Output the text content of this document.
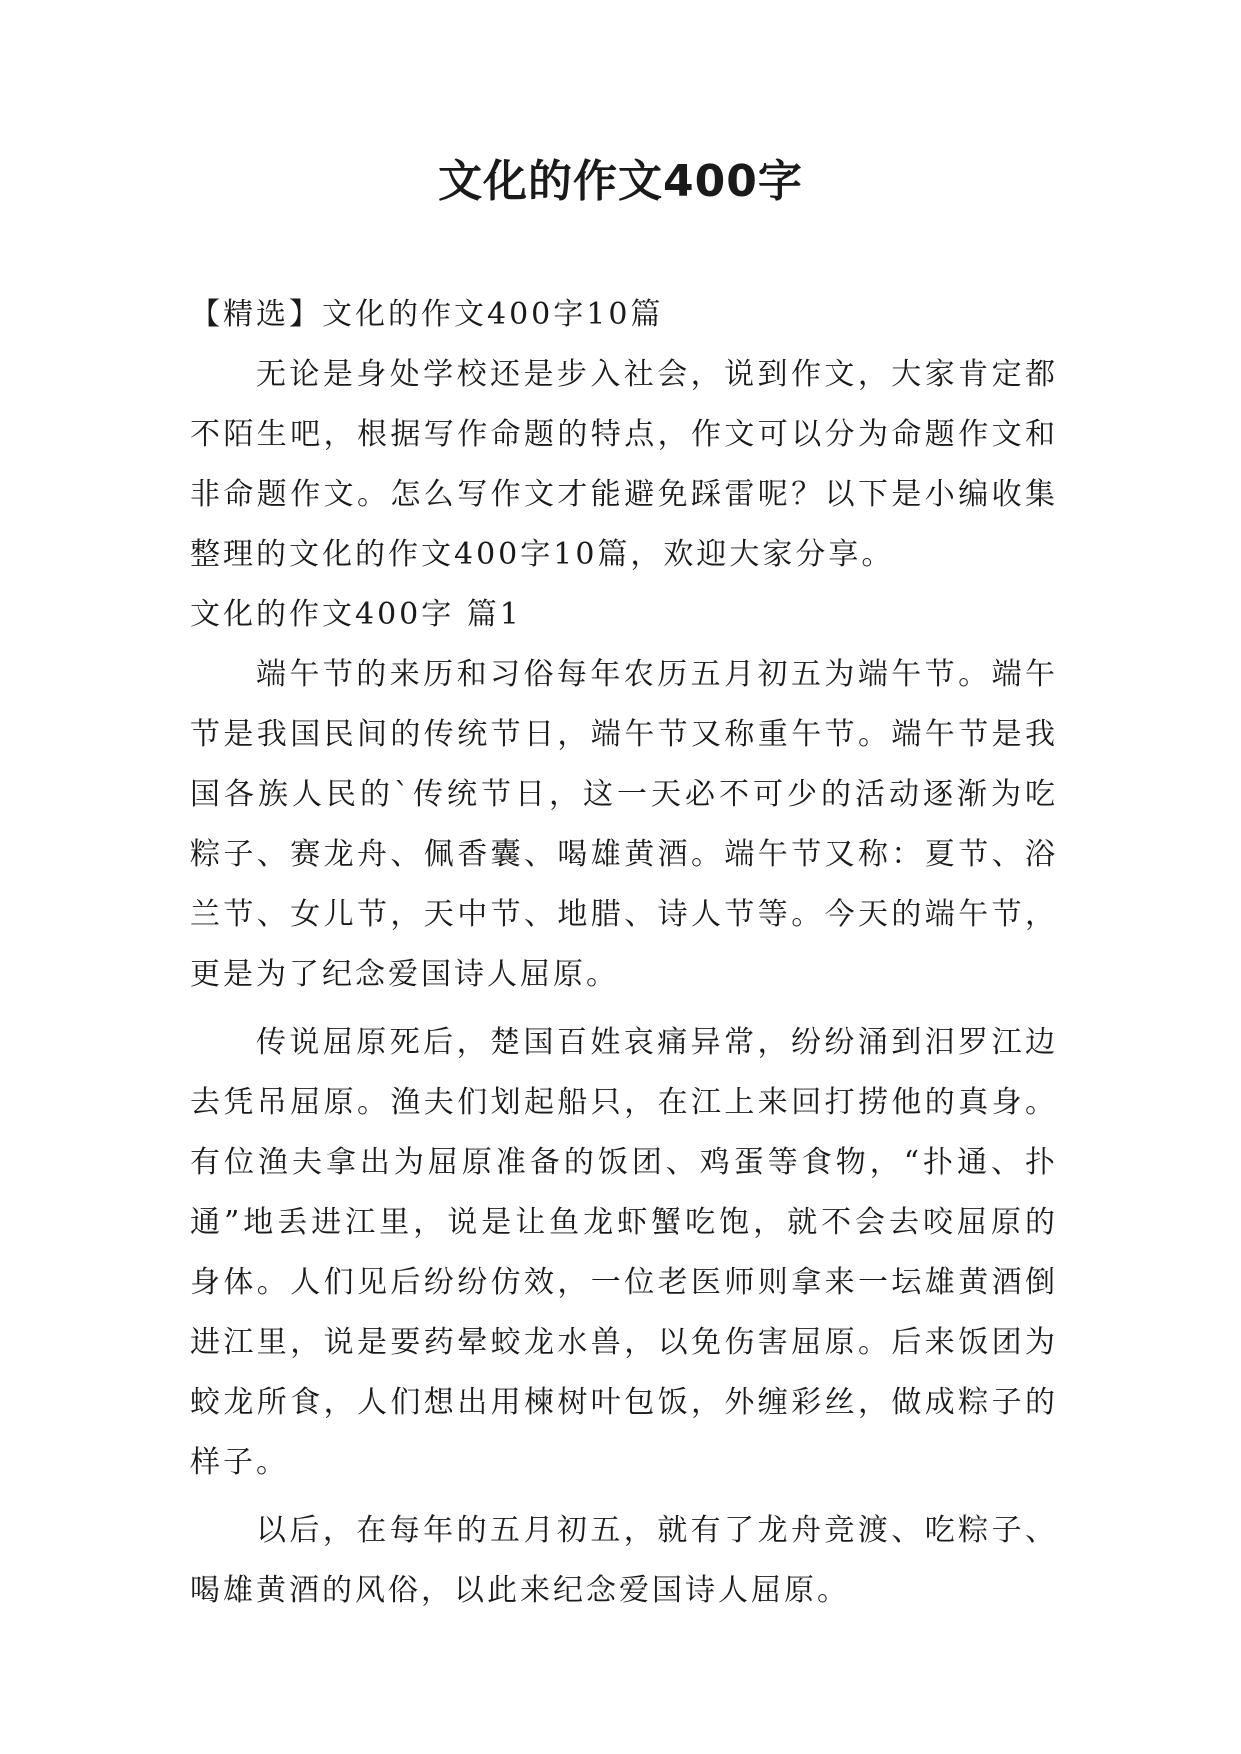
文化的作文400字

【精选】文化的作文400字10篇

无论是身处学校还是步入社会，说到作文，大家肯定都不陌生吧，根据写作命题的特点，作文可以分为命题作文和非命题作文。怎么写作文才能避免踩雷呢？以下是小编收集整理的文化的作文400字10篇，欢迎大家分享。

文化的作文400字 篇1

端午节的来历和习俗每年农历五月初五为端午节。端午节是我国民间的传统节日，端午节又称重午节。端午节是我国各族人民的`传统节日，这一天必不可少的活动逐渐为吃粽子、赛龙舟、佩香囊、喝雄黄酒。端午节又称：夏节、浴兰节、女儿节，天中节、地腊、诗人节等。今天的端午节，更是为了纪念爱国诗人屈原。

传说屈原死后，楚国百姓哀痛异常，纷纷涌到汨罗江边去凭吊屈原。渔夫们划起船只，在江上来回打捞他的真身。有位渔夫拿出为屈原准备的饭团、鸡蛋等食物，“扑通、扑通”地丢进江里，说是让鱼龙虾蟹吃饱，就不会去咬屈原的身体。人们见后纷纷仿效，一位老医师则拿来一坛雄黄酒倒进江里，说是要药晕蛟龙水兽，以免伤害屈原。后来饭团为蛟龙所食，人们想出用楝树叶包饭，外缠彩丝，做成粽子的样子。

以后，在每年的五月初五，就有了龙舟竞渡、吃粽子、喝雄黄酒的风俗，以此来纪念爱国诗人屈原。
